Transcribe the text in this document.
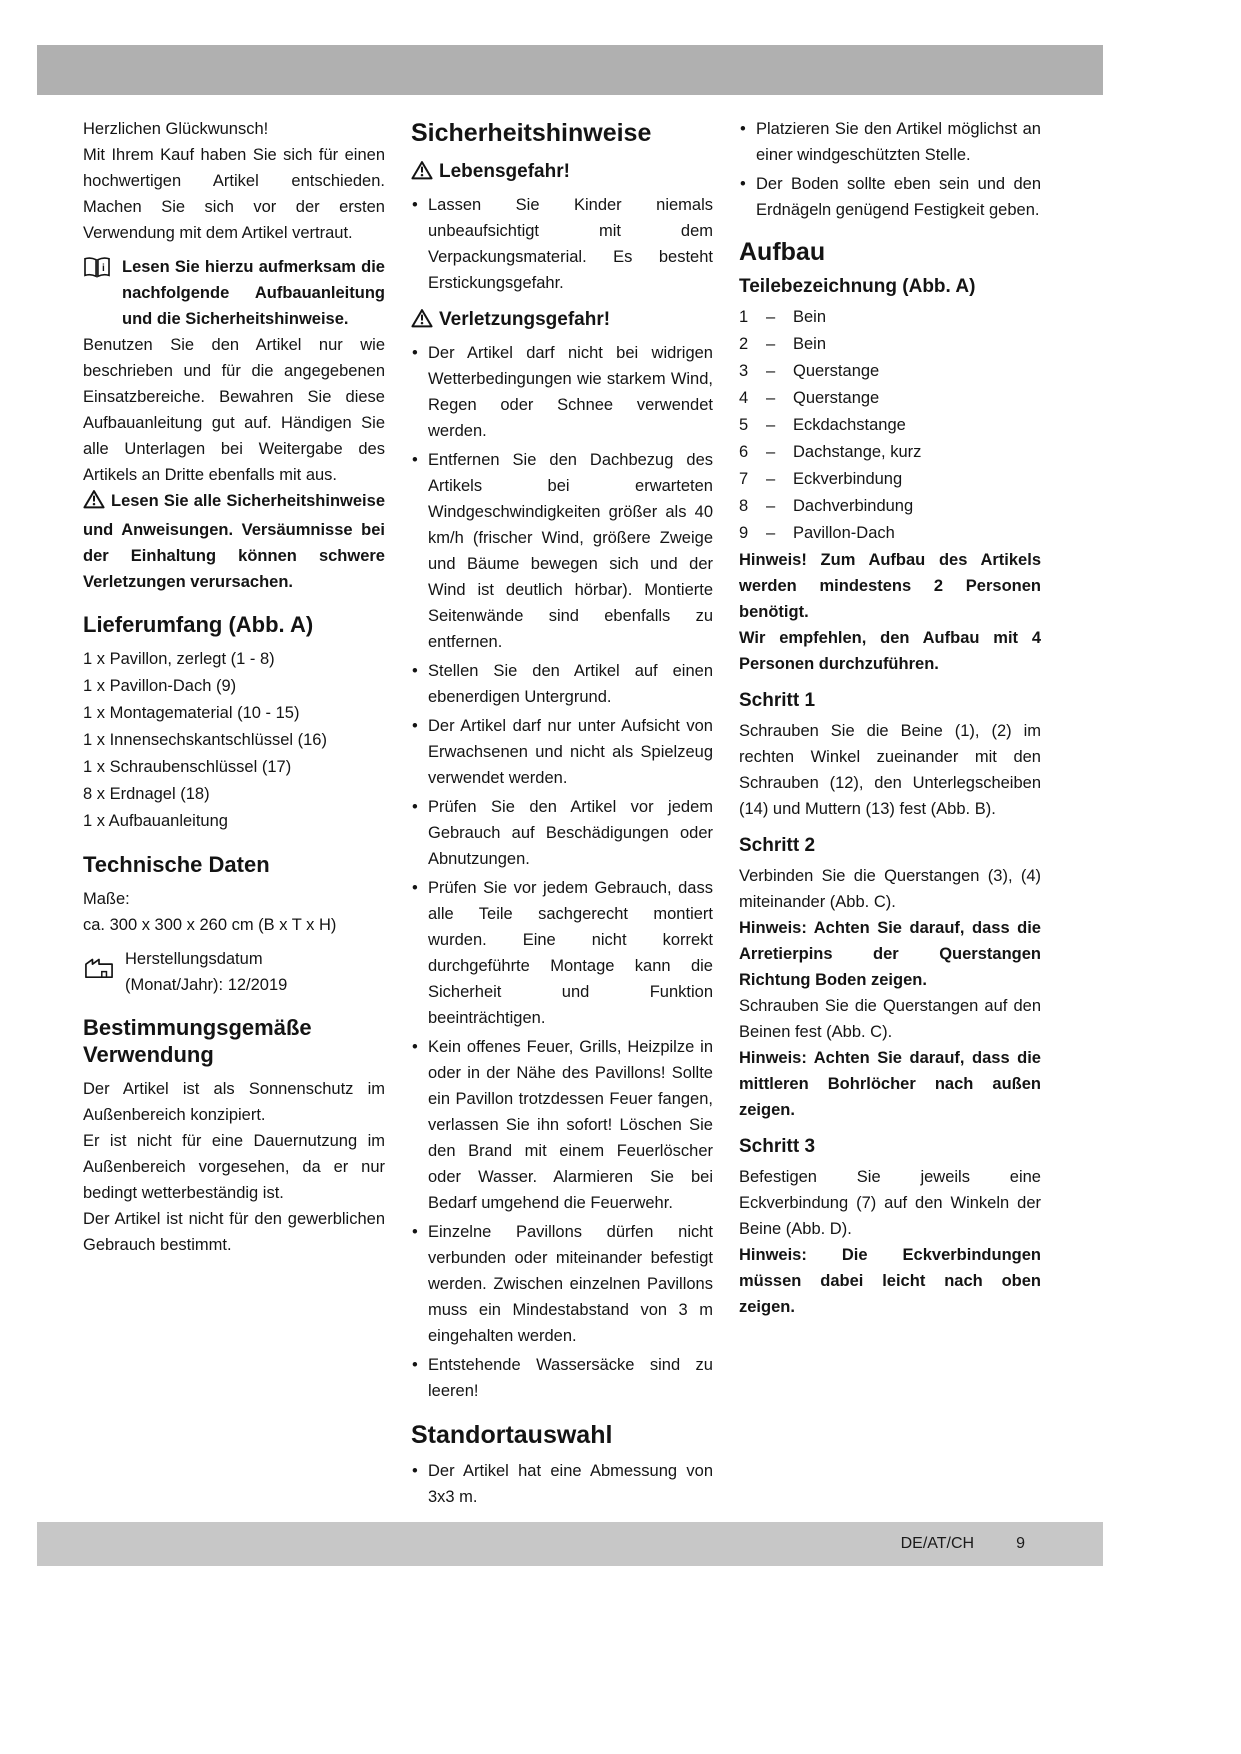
Herzlichen Glückwunsch!

Mit Ihrem Kauf haben Sie sich für einen hochwertigen Artikel entschieden. Machen Sie sich vor der ersten Verwendung mit dem Artikel vertraut.

i Lesen Sie hierzu aufmerksam die nachfolgende Aufbauanleitung und die Sicherheitshinweise.

Benutzen Sie den Artikel nur wie beschrieben und für die angegebenen Einsatzbereiche. Bewahren Sie diese Aufbauanleitung gut auf. Händigen Sie alle Unterlagen bei Weitergabe des Artikels an Dritte ebenfalls mit aus.

Lesen Sie alle Sicherheitshinweise und Anweisungen. Versäumnisse bei der Einhaltung können schwere Verletzungen verursachen.

Lieferumfang (Abb. A)
1 x Pavillon, zerlegt (1 - 8)
1 x Pavillon-Dach (9)
1 x Montagematerial (10 - 15)
1 x Innensechskantschlüssel (16)
1 x Schraubenschlüssel (17)
8 x Erdnagel (18)
1 x Aufbauanleitung
Technische Daten

Maße:

ca. 300 x 300 x 260 cm (B x T x H)

Herstellungsdatum
(Monat/Jahr): 12/2019
Bestimmungsgemäße Verwendung

Der Artikel ist als Sonnenschutz im Außenbereich konzipiert.

Er ist nicht für eine Dauernutzung im Außenbereich vorgesehen, da er nur bedingt wetterbeständig ist.

Der Artikel ist nicht für den gewerblichen Gebrauch bestimmt.

Sicherheitshinweise
Lebensgefahr!
• Lassen Sie Kinder niemals unbeaufsichtigt mit dem Verpackungsmaterial. Es besteht Erstickungsgefahr.
Verletzungsgefahr!
• Der Artikel darf nicht bei widrigen Wetterbedingungen wie starkem Wind, Regen oder Schnee verwendet werden.
• Entfernen Sie den Dachbezug des Artikels bei erwarteten Windgeschwindigkeiten größer als 40 km/h (frischer Wind, größere Zweige und Bäume bewegen sich und der Wind ist deutlich hörbar). Montierte Seitenwände sind ebenfalls zu entfernen.
• Stellen Sie den Artikel auf einen ebenerdigen Untergrund.
• Der Artikel darf nur unter Aufsicht von Erwachsenen und nicht als Spielzeug verwendet werden.
• Prüfen Sie den Artikel vor jedem Gebrauch auf Beschädigungen oder Abnutzungen.
• Prüfen Sie vor jedem Gebrauch, dass alle Teile sachgerecht montiert wurden. Eine nicht korrekt durchgeführte Montage kann die Sicherheit und Funktion beeinträchtigen.
• Kein offenes Feuer, Grills, Heizpilze in oder in der Nähe des Pavillons! Sollte ein Pavillon trotzdessen Feuer fangen, verlassen Sie ihn sofort! Löschen Sie den Brand mit einem Feuerlöscher oder Wasser. Alarmieren Sie bei Bedarf umgehend die Feuerwehr.
• Einzelne Pavillons dürfen nicht verbunden oder miteinander befestigt werden. Zwischen einzelnen Pavillons muss ein Mindestabstand von 3 m eingehalten werden.
• Entstehende Wassersäcke sind zu leeren!
Standortauswahl
• Der Artikel hat eine Abmessung von 3x3 m.
• Platzieren Sie den Artikel möglichst an einer windgeschützten Stelle.
• Der Boden sollte eben sein und den Erdnägeln genügend Festigkeit geben.
Aufbau
Teilebezeichnung (Abb. A)
1	–	Bein
2	–	Bein
3	–	Querstange
4	–	Querstange
5	–	Eckdachstange
6	–	Dachstange, kurz
7	–	Eckverbindung
8	–	Dachverbindung
9	–	Pavillon-Dach

Hinweis! Zum Aufbau des Artikels werden mindestens 2 Personen benötigt.

Wir empfehlen, den Aufbau mit 4 Personen durchzuführen.

Schritt 1

Schrauben Sie die Beine (1), (2) im rechten Winkel zueinander mit den Schrauben (12), den Unterlegscheiben (14) und Muttern (13) fest (Abb. B).

Schritt 2

Verbinden Sie die Querstangen (3), (4) miteinander (Abb. C).

Hinweis: Achten Sie darauf, dass die Arretierpins der Querstangen Richtung Boden zeigen.

Schrauben Sie die Querstangen auf den Beinen fest (Abb. C).

Hinweis: Achten Sie darauf, dass die mittleren Bohrlöcher nach außen zeigen.

Schritt 3

Befestigen Sie jeweils eine Eckverbindung (7) auf den Winkeln der Beine (Abb. D).

Hinweis: Die Eckverbindungen müssen dabei leicht nach oben zeigen.

DE/AT/CH	9
